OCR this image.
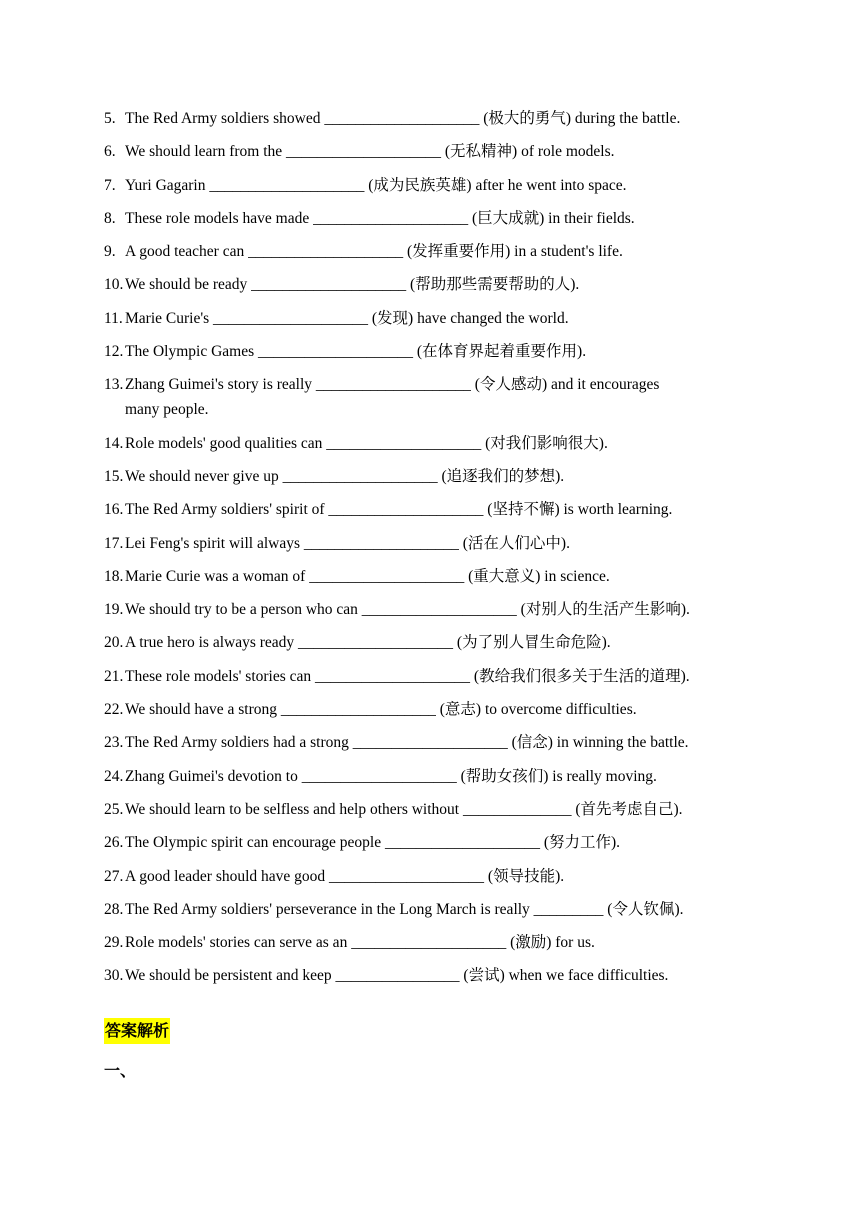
5. The Red Army soldiers showed ____________________ (极大的勇气) during the battle.
6. We should learn from the ____________________ (无私精神) of role models.
7. Yuri Gagarin ____________________ (成为民族英雄) after he went into space.
8. These role models have made ____________________ (巨大成就) in their fields.
9. A good teacher can ____________________ (发挥重要作用) in a student's life.
10. We should be ready ____________________ (帮助那些需要帮助的人).
11. Marie Curie's ____________________ (发现) have changed the world.
12. The Olympic Games ____________________ (在体育界起着重要作用).
13. Zhang Guimei's story is really ____________________ (令人感动) and it encourages
many people.
14. Role models' good qualities can ____________________ (对我们影响很大).
15. We should never give up ____________________ (追逐我们的梦想).
16. The Red Army soldiers' spirit of ____________________ (坚持不懈) is worth learning.
17. Lei Feng's spirit will always ____________________ (活在人们心中).
18. Marie Curie was a woman of ____________________ (重大意义) in science.
19. We should try to be a person who can ____________________ (对别人的生活产生影响).
20. A true hero is always ready ____________________ (为了别人冒生命危险).
21. These role models' stories can ____________________ (教给我们很多关于生活的道理).
22. We should have a strong ____________________ (意志) to overcome difficulties.
23. The Red Army soldiers had a strong ____________________ (信念) in winning the battle.
24. Zhang Guimei's devotion to ____________________ (帮助女孩们) is really moving.
25. We should learn to be selfless and help others without ______________ (首先考虑自己).
26. The Olympic spirit can encourage people ____________________ (努力工作).
27. A good leader should have good ____________________ (领导技能).
28. The Red Army soldiers' perseverance in the Long March is really _________ (令人钦佩).
29. Role models' stories can serve as an ____________________ (激励) for us.
30. We should be persistent and keep ________________ (尝试) when we face difficulties.
答案解析
一、
